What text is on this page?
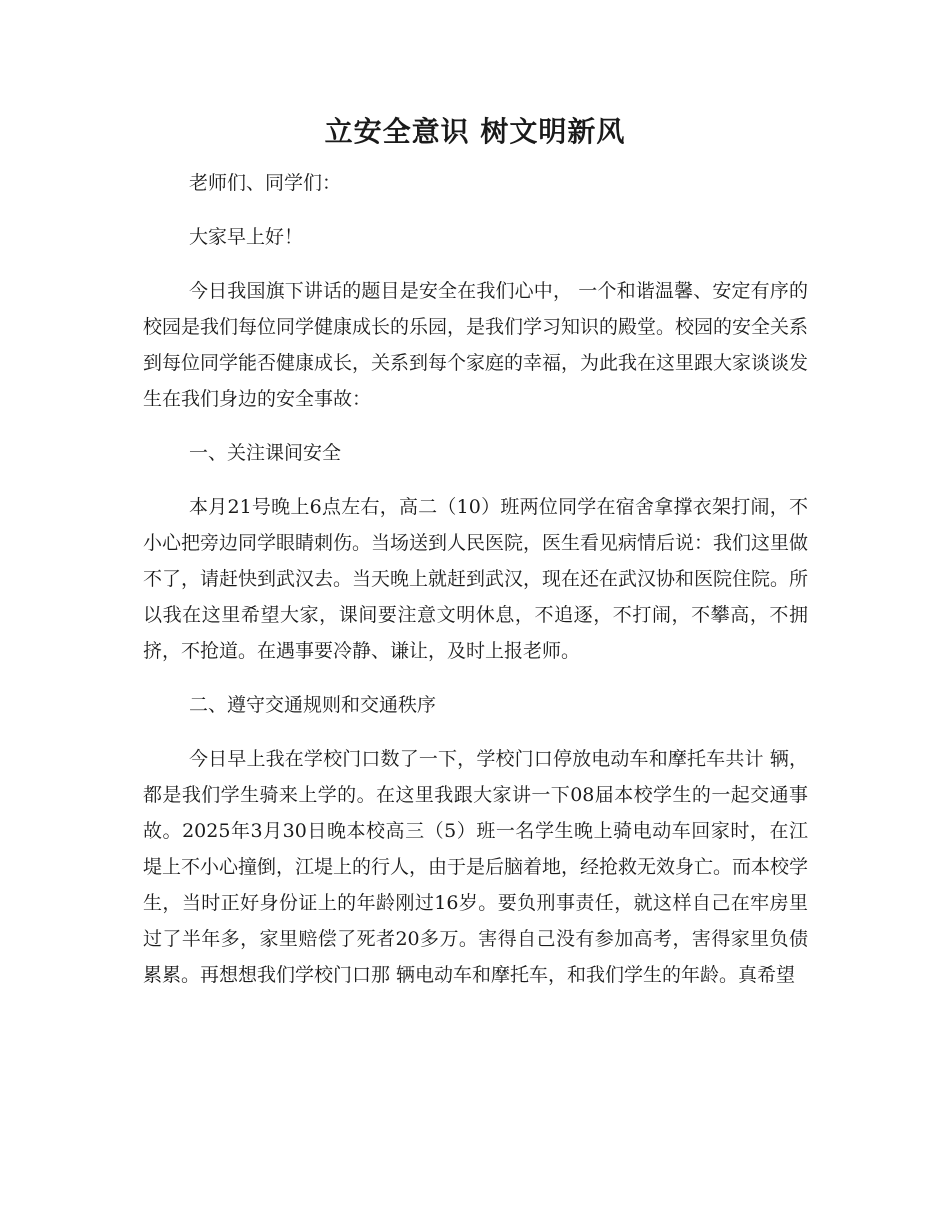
立安全意识 树文明新风

老师们、同学们：

大家早上好！

今日我国旗下讲话的题目是安全在我们心中， 一个和谐温馨、安定有序的校园是我们每位同学健康成长的乐园，是我们学习知识的殿堂。校园的安全关系到每位同学能否健康成长，关系到每个家庭的幸福，为此我在这里跟大家谈谈发生在我们身边的安全事故：

一、关注课间安全

本月21号晚上6点左右，高二（10）班两位同学在宿舍拿撑衣架打闹，不小心把旁边同学眼睛刺伤。当场送到人民医院，医生看见病情后说：我们这里做不了，请赶快到武汉去。当天晚上就赶到武汉，现在还在武汉协和医院住院。所以我在这里希望大家，课间要注意文明休息，不追逐，不打闹，不攀高，不拥挤，不抢道。在遇事要冷静、谦让，及时上报老师。

二、遵守交通规则和交通秩序

今日早上我在学校门口数了一下，学校门口停放电动车和摩托车共计 辆，都是我们学生骑来上学的。在这里我跟大家讲一下08届本校学生的一起交通事故。2025年3月30日晚本校高三（5）班一名学生晚上骑电动车回家时，在江堤上不小心撞倒，江堤上的行人，由于是后脑着地，经抢救无效身亡。而本校学生，当时正好身份证上的年龄刚过16岁。要负刑事责任，就这样自己在牢房里过了半年多，家里赔偿了死者20多万。害得自己没有参加高考，害得家里负债累累。再想想我们学校门口那 辆电动车和摩托车，和我们学生的年龄。真希望
